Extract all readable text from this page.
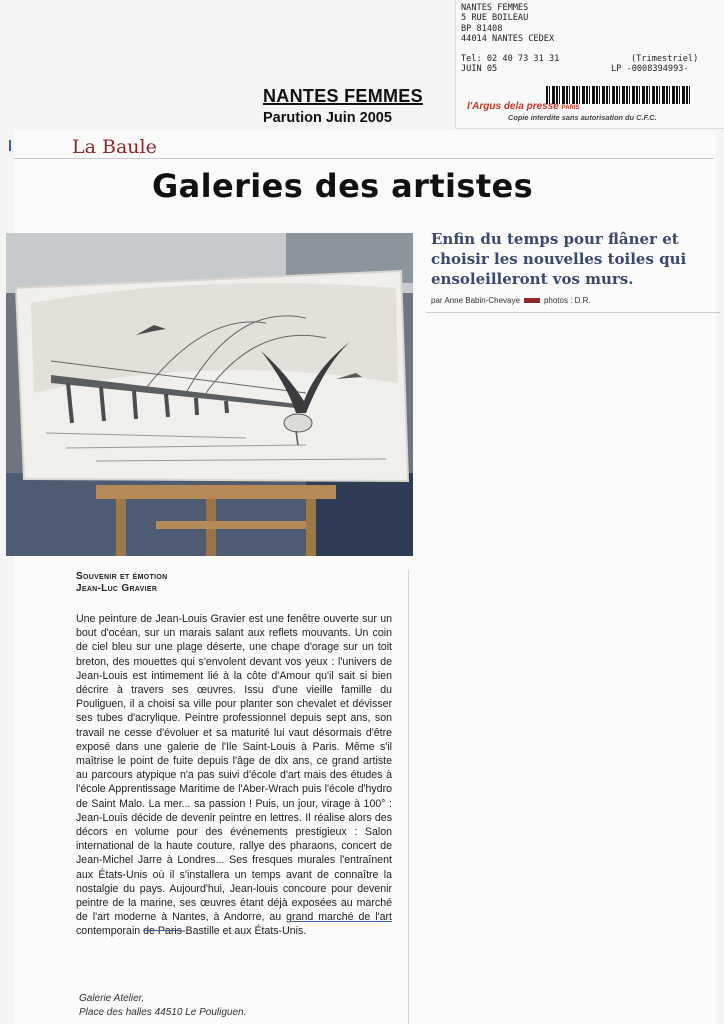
NANTES FEMMES
5 RUE BOILEAU
BP 81408
44014 NANTES CEDEX
Tel: 02 40 73 31 31
JUIN 05
(Trimestriel)
LP -0008394993-
l'Argus dela presse PARIS
Copie interdite sans autorisation du C.F.C.
NANTES FEMMES
Parution Juin 2005
La Baule
Galeries des artistes
Enfin du temps pour flâner et choisir les nouvelles toiles qui ensoleilleront vos murs.
par Anne Babin-Chevaye	photos : D.R.
Souvenir et émotion
Jean-Luc Gravier
Une peinture de Jean-Louis Gravier est une fenêtre ouverte sur un bout d'océan, sur un marais salant aux reflets mouvants. Un coin de ciel bleu sur une plage déserte, une chape d'orage sur un toit breton, des mouettes qui s'envolent devant vos yeux : l'univers de Jean-Louis est intimement lié à la côte d'Amour qu'il sait si bien décrire à travers ses œuvres. Issu d'une vieille famille du Pouliguen, il a choisi sa ville pour planter son chevalet et dévisser ses tubes d'acrylique. Peintre professionnel depuis sept ans, son travail ne cesse d'évoluer et sa maturité lui vaut désormais d'être exposé dans une galerie de l'Ile Saint-Louis à Paris. Même s'il maîtrise le point de fuite depuis l'âge de dix ans, ce grand artiste au parcours atypique n'a pas suivi d'école d'art mais des études à l'école Apprentissage Maritime de l'Aber-Wrach puis l'école d'hydro de Saint Malo. La mer... sa passion ! Puis, un jour, virage à 100° : Jean-Louis décide de devenir peintre en lettres. Il réalise alors des décors en volume pour des événements prestigieux : Salon international de la haute couture, rallye des pharaons, concert de Jean-Michel Jarre à Londres... Ses fresques murales l'entraînent aux États-Unis où il s'installera un temps avant de connaître la nostalgie du pays. Aujourd'hui, Jean-louis concoure pour devenir peintre de la marine, ses œuvres étant déjà exposées au marché de l'art moderne à Nantes, à Andorre, au grand marché de l'art contemporain de Paris-Bastille et aux États-Unis.
Galerie Atelier,
Place des halles 44510 Le Pouliguen.
